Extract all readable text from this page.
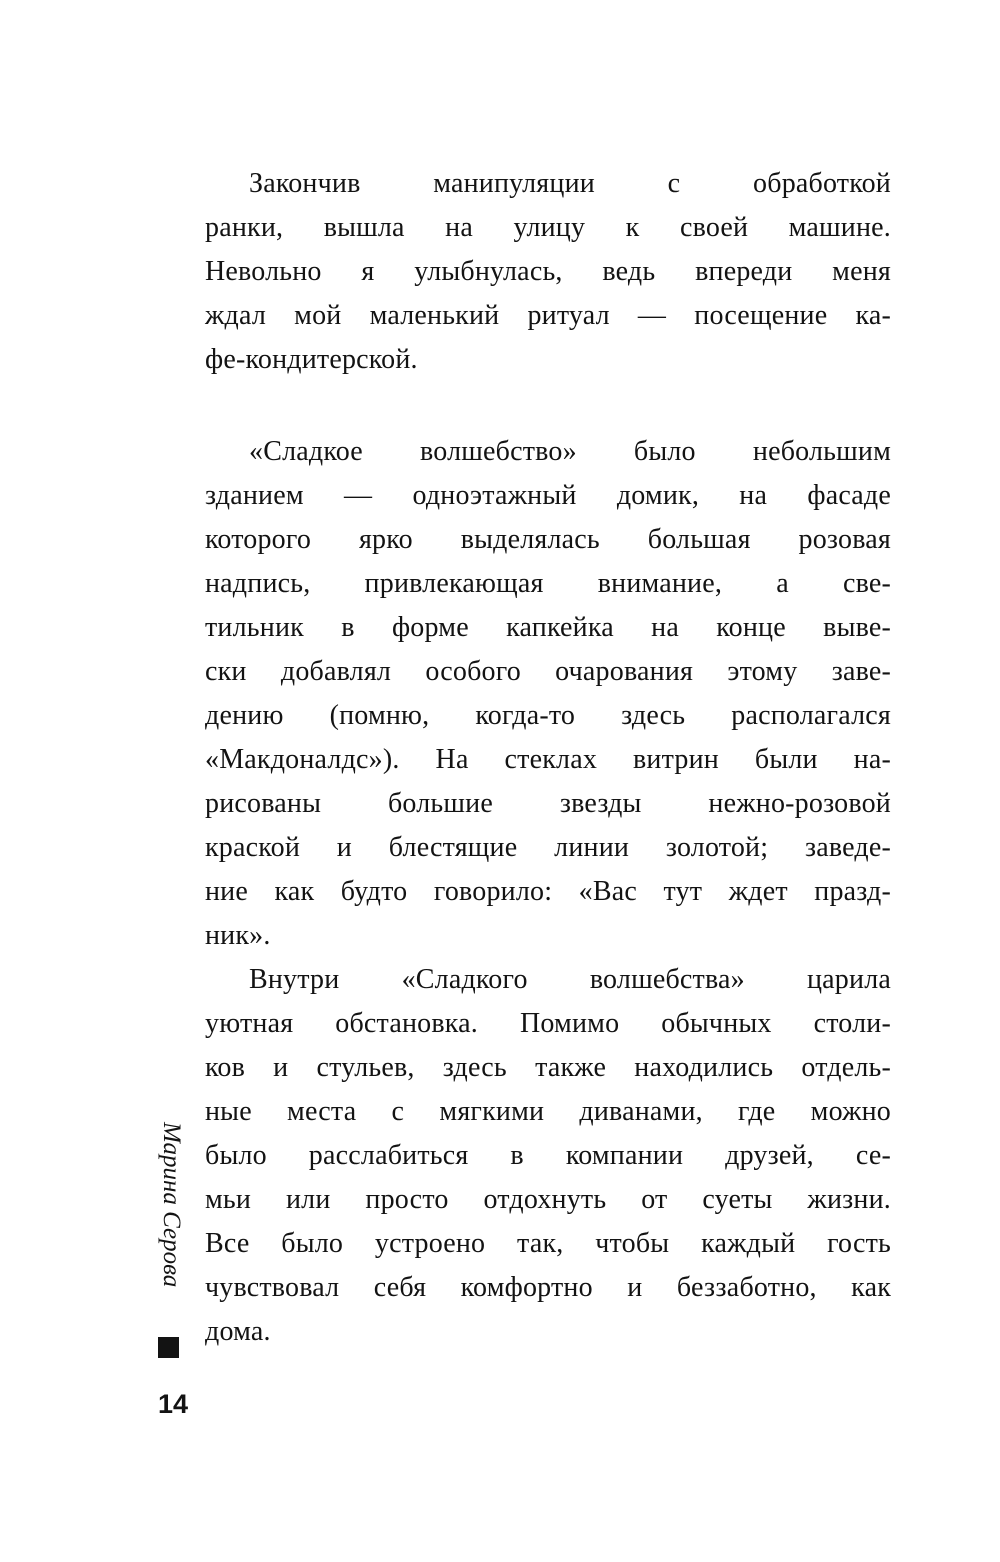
Закончив манипуляции с обработкой
ранки, вышла на улицу к своей машине.
Невольно я улыбнулась, ведь впереди меня
ждал мой маленький ритуал — посещение ка-
фе-кондитерской.
«Сладкое волшебство» было небольшим
зданием — одноэтажный домик, на фасаде
которого ярко выделялась большая розовая
надпись, привлекающая внимание, а све-
тильник в форме капкейка на конце выве-
ски добавлял особого очарования этому заве-
дению (помню, когда-то здесь располагался
«Макдоналдс»). На стеклах витрин были на-
рисованы большие звезды нежно-розовой
краской и блестящие линии золотой; заведе-
ние как будто говорило: «Вас тут ждет празд-
ник».
Внутри «Сладкого волшебства» царила
уютная обстановка. Помимо обычных столи-
ков и стульев, здесь также находились отдель-
ные места с мягкими диванами, где можно
было расслабиться в компании друзей, се-
мьи или просто отдохнуть от суеты жизни.
Все было устроено так, чтобы каждый гость
чувствовал себя комфортно и беззаботно, как
дома.
Марина Серова
14
